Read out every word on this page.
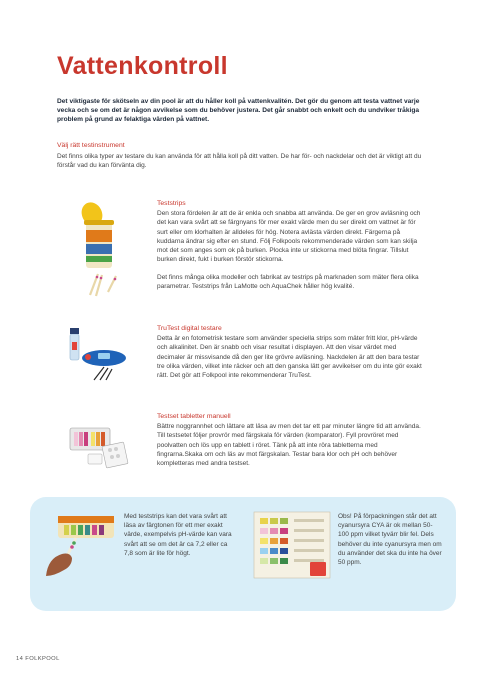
Vattenkontroll
Det viktigaste för skötseln av din pool är att du håller koll på vattenkvalitén. Det gör du genom att testa vattnet varje vecka och se om det är någon avvikelse som du behöver justera. Det går snabbt och enkelt och du undviker tråkiga problem på grund av felaktiga värden på vattnet.
Välj rätt testinstrument
Det finns olika typer av testare du kan använda för att hålla koll på ditt vatten. De har för- och nackdelar och det är viktigt att du förstår vad du kan förvänta dig.
Teststrips

Den stora fördelen är att de är enkla och snabba att använda. De ger en grov avläsning och det kan vara svårt att se färgnyans för mer exakt värde men du ser direkt om vattnet är för surt eller om klorhalten är alldeles för hög. Notera avlästa värden direkt. Färgerna på kuddarna ändrar sig efter en stund. Följ Folkpools rekommenderade värden som kan skilja mot det som anges som ok på burken. Plocka inte ur stickorna med blöta fingrar. Tillslut burken direkt, fukt i burken förstör stickorna.

Det finns många olika modeller och fabrikat av testrips på marknaden som mäter flera olika parametrar. Teststrips från LaMotte och AquaChek håller hög kvalité.

TruTest digital testare

Detta är en fotometrisk testare som använder speciella strips som mäter fritt klor, pH-värde och alkalinitet. Den är snabb och visar resultat i displayen. Att den visar värdet med decimaler är missvisande då den ger lite grövre avläsning. Nackdelen är att den bara testar tre olika värden, vilket inte räcker och att den ganska lätt ger avvikelser om du inte gör exakt rätt. Det gör att Folkpool inte rekommenderar TruTest.

Testset tabletter manuell

Bättre noggrannhet och lättare att läsa av men det tar ett par minuter längre tid att använda. Till testsetet följer provrör med färgskala för värden (komparator). Fyll provröret med poolvatten och lös upp en tablett i röret. Tänk på att inte röra tabletterna med fingrarna.Skaka om och läs av mot färgskalan. Testar bara klor och pH och behöver kompletteras med andra testset.

Med teststrips kan det vara svårt att läsa av färgtonen för ett mer exakt värde, exempelvis pH-värde kan vara svårt att se om det är ca 7,2 eller ca 7,8 som är lite för högt.
Obs! På förpackningen står det att cyanursyra CYA är ok mellan 50-100 ppm vilket tyvärr blir fel. Dels behöver du inte cyanursyra men om du använder det ska du inte ha över 50 ppm.
14 FOLKPOOL
